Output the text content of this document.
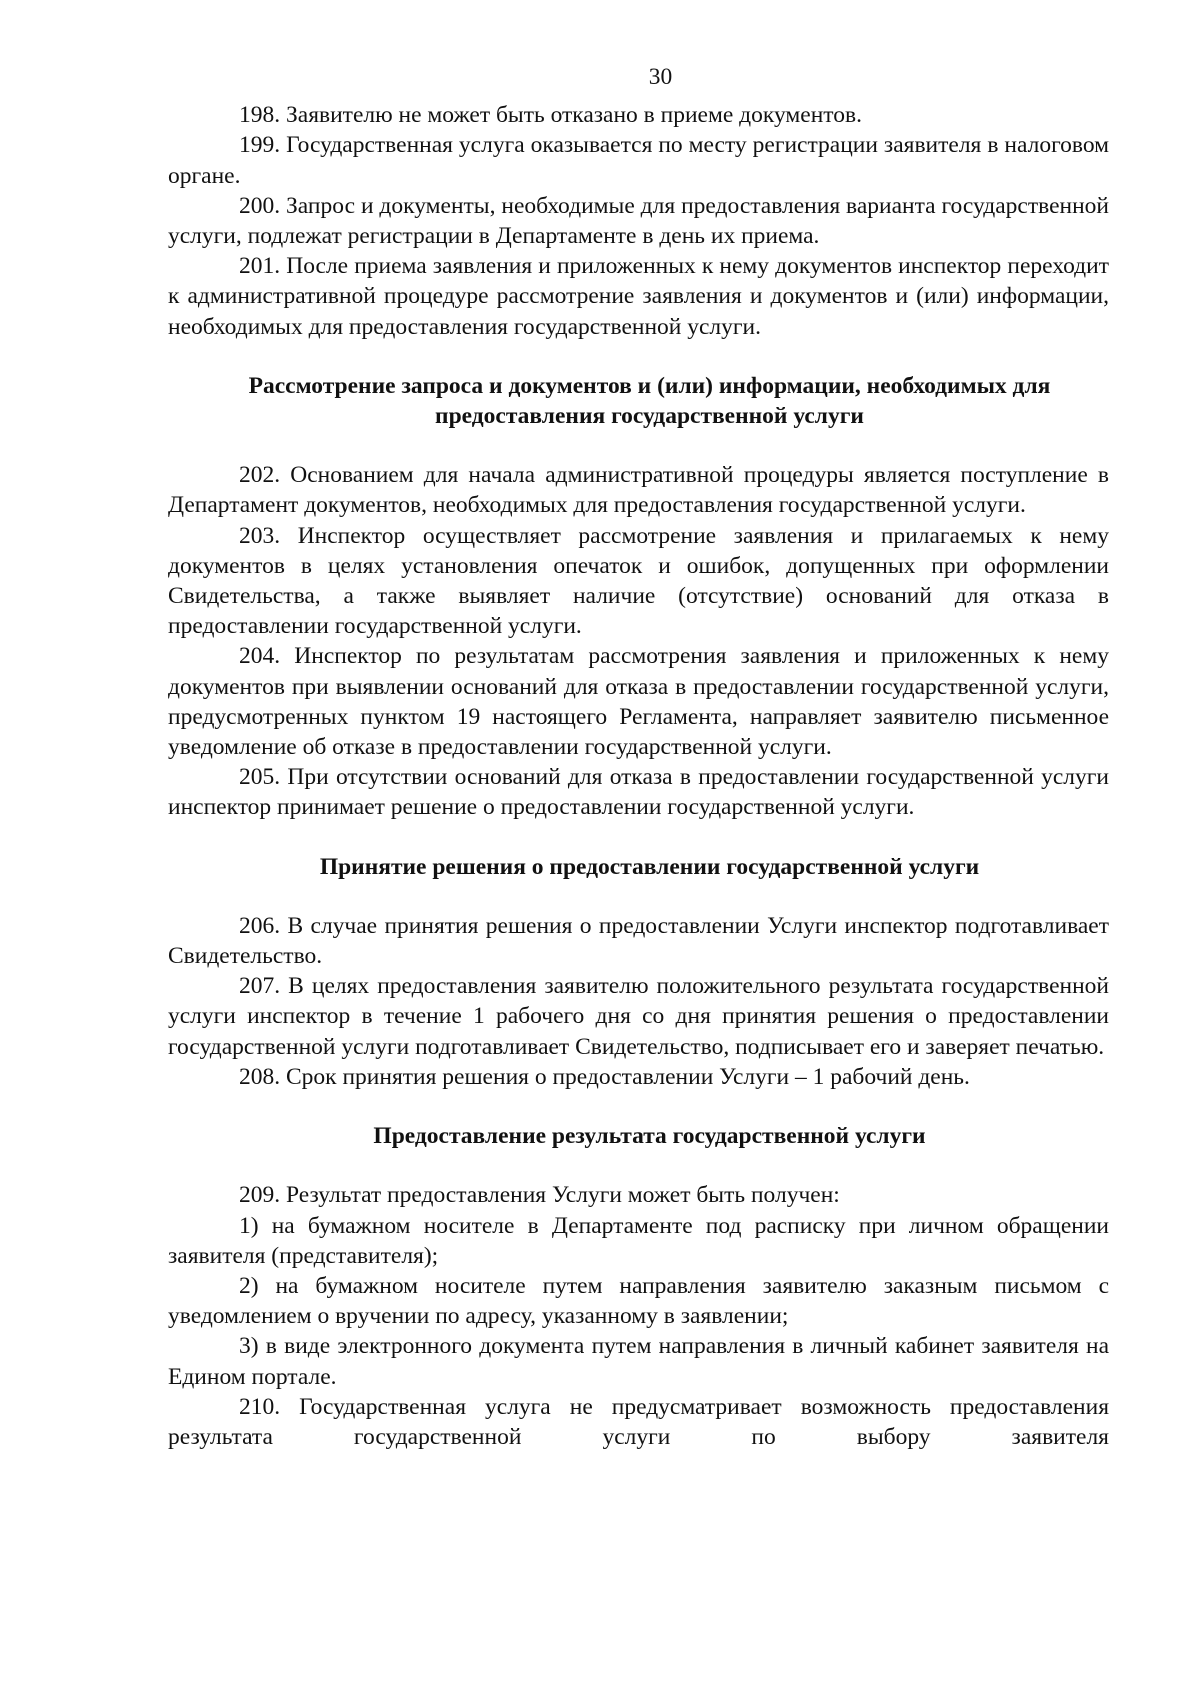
30

198. Заявителю не может быть отказано в приеме документов.

199. Государственная услуга оказывается по месту регистрации заявителя в налоговом органе.

200. Запрос и документы, необходимые для предоставления варианта государственной услуги, подлежат регистрации в Департаменте в день их приема.

201. После приема заявления и приложенных к нему документов инспектор переходит к административной процедуре рассмотрение заявления и документов и (или) информации, необходимых для предоставления государственной услуги.

Рассмотрение запроса и документов и (или) информации, необходимых для предоставления государственной услуги

202. Основанием для начала административной процедуры является поступление в Департамент документов, необходимых для предоставления государственной услуги.

203. Инспектор осуществляет рассмотрение заявления и прилагаемых к нему документов в целях установления опечаток и ошибок, допущенных при оформлении Свидетельства, а также выявляет наличие (отсутствие) оснований для отказа в предоставлении государственной услуги.

204. Инспектор по результатам рассмотрения заявления и приложенных к нему документов при выявлении оснований для отказа в предоставлении государственной услуги, предусмотренных пунктом 19 настоящего Регламента, направляет заявителю письменное уведомление об отказе в предоставлении государственной услуги.

205. При отсутствии оснований для отказа в предоставлении государственной услуги инспектор принимает решение о предоставлении государственной услуги.

Принятие решения о предоставлении государственной услуги

206. В случае принятия решения о предоставлении Услуги инспектор подготавливает Свидетельство.

207. В целях предоставления заявителю положительного результата государственной услуги инспектор в течение 1 рабочего дня со дня принятия решения о предоставлении государственной услуги подготавливает Свидетельство, подписывает его и заверяет печатью.

208. Срок принятия решения о предоставлении Услуги – 1 рабочий день.

Предоставление результата государственной услуги

209. Результат предоставления Услуги может быть получен:

1) на бумажном носителе в Департаменте под расписку при личном обращении заявителя (представителя);

2) на бумажном носителе путем направления заявителю заказным письмом с уведомлением о вручении по адресу, указанному в заявлении;

3) в виде электронного документа путем направления в личный кабинет заявителя на Едином портале.

210. Государственная услуга не предусматривает возможность предоставления результата государственной услуги по выбору заявителя
